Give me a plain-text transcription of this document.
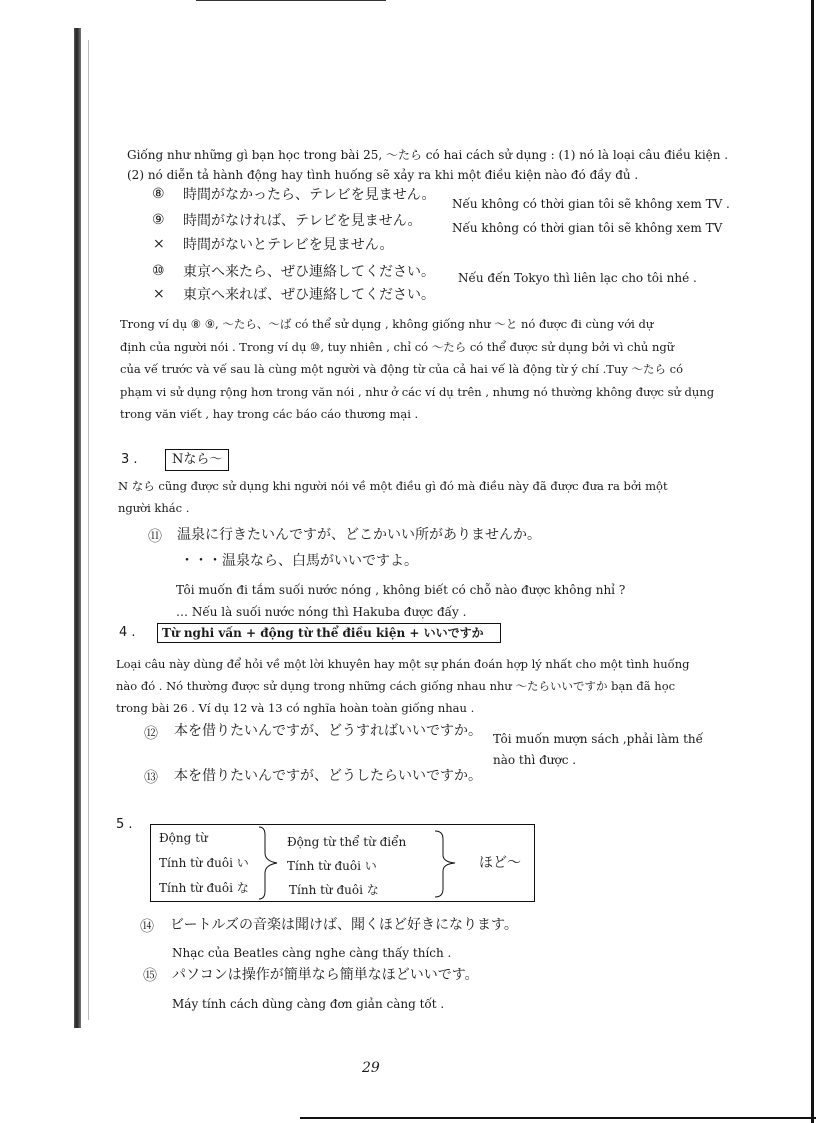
Giống như những gì bạn học trong bài 25, ～たら có hai cách sử dụng : (1) nó là loại câu điều kiện .
(2) nó diễn tả hành động hay tình huống sẽ xảy ra khi một điều kiện nào đó đầy đủ .
⑧ 時間がなかったら、テレビを見ません。
Nếu không có thời gian tôi sẽ không xem TV .
⑨ 時間がなければ、テレビを見ません。	Nếu không có thời gian tôi sẽ không xem TV
× 時間がないとテレビを見ません。
⑩ 東京へ来たら、ぜひ連絡してください。 Nếu đến Tokyo thì liên lạc cho tôi nhé .
× 東京へ来れば、ぜひ連絡してください。
Trong ví dụ ⑧ ⑨, ～たら、～ば có thể sử dụng , không giống như ～と nó được đi cùng với dự
định của người nói . Trong ví dụ ⑩, tuy nhiên , chỉ có ～たら có thể được sử dụng bởi vì chủ ngữ
của vế trước và vế sau là cùng một người và động từ của cả hai vế là động từ ý chí .Tuy ～たら có
phạm vi sử dụng rộng hơn trong văn nói , như ở các ví dụ trên , nhưng nó thường không được sử dụng
trong văn viết , hay trong các báo cáo thương mại .
3 .	Nなら～
N なら cũng được sử dụng khi người nói về một điều gì đó mà điều này đã được đưa ra bởi một
người khác .
⑪ 温泉に行きたいんですが、どこかいい所がありませんか。
・・・温泉なら、白馬がいいですよ。
Tôi muốn đi tắm suối nước nóng , không biết có chỗ nào được không nhỉ ?
… Nếu là suối nước nóng thì Hakuba được đấy .
4 .	Từ nghi vấn + động từ thể điều kiện + いいですか
Loại câu này dùng để hỏi về một lời khuyên hay một sự phán đoán hợp lý nhất cho một tình huống
nào đó . Nó thường được sử dụng trong những cách giống nhau như ～たらいいですか bạn đã học
trong bài 26 . Ví dụ 12 và 13 có nghĩa hoàn toàn giống nhau .
⑫ 本を借りたいんですが、どうすればいいですか。 Tôi muốn mượn sách ,phải làm thế
nào thì được .
⑬ 本を借りたいんですが、どうしたらいいですか。
5 .
Động từ
Tính từ đuôi い
Tính từ đuôi な
Động từ thể từ điển
Tính từ đuôi い
Tính từ đuôi な
ほど～
⑭ ビートルズの音楽は聞けば、聞くほど好きになります。
Nhạc của Beatles càng nghe càng thấy thích .
⑮ パソコンは操作が簡単なら簡単なほどいいです。
Máy tính cách dùng càng đơn giản càng tốt .
29
